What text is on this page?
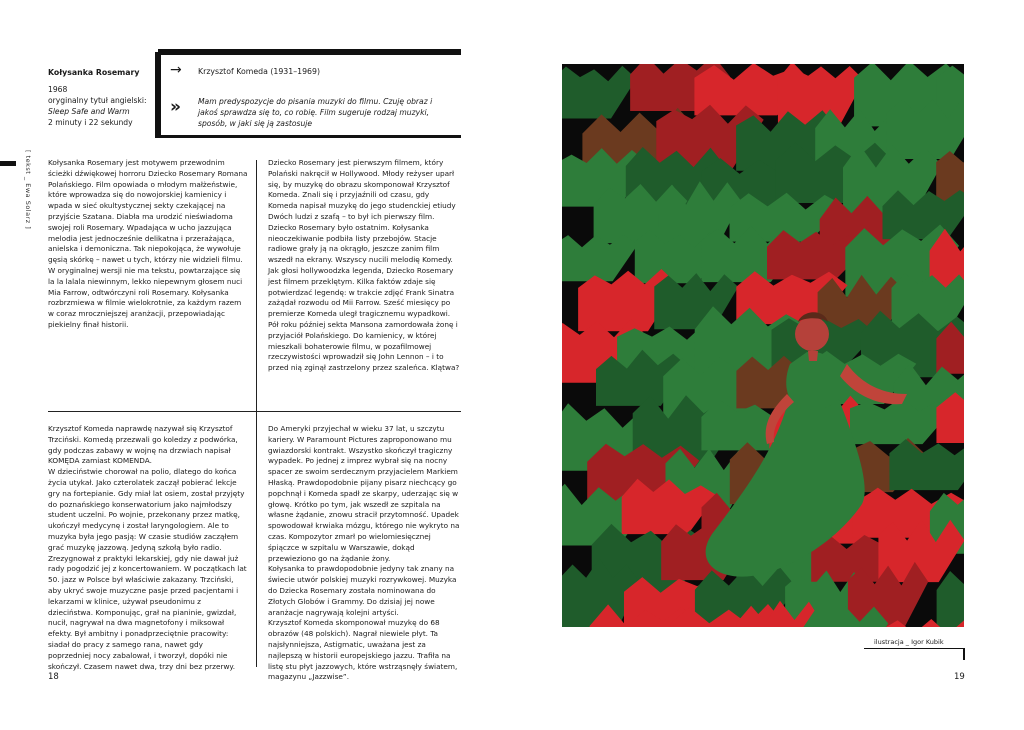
[ tekst _ Ewa Solarz ]
Kołysanka Rosemary
1968
oryginalny tytuł angielski:
Sleep Safe and Warm
2 minuty i 22 sekundy
→ Krzysztof Komeda (1931–1969)
» Mam predyspozycje do pisania muzyki do filmu. Czuję obraz i jakoś sprawdza się to, co robię. Film sugeruje rodzaj muzyki, sposób, w jaki się ją zastosuje

Kołysanka Rosemary jest motywem przewodnim ścieżki dźwiękowej horroru Dziecko Rosemary Romana Polańskiego. Film opowiada o młodym małżeństwie, które wprowadza się do nowojorskiej kamienicy i wpada w sieć okultystycznej sekty czekającej na przyjście Szatana. Diabła ma urodzić nieświadoma swojej roli Rosemary. Wpadająca w ucho jazzująca melodia jest jednocześnie delikatna i przerażająca, anielska i demoniczna. Tak niepokojąca, że wywołuje gęsią skórkę – nawet u tych, którzy nie widzieli filmu. W oryginalnej wersji nie ma tekstu, powtarzające się la la lalala niewinnym, lekko niepewnym głosem nuci Mia Farrow, odtwórczyni roli Rosemary. Kołysanka rozbrzmiewa w filmie wielokrotnie, za każdym razem w coraz mroczniejszej aranżacji, przepowiadając piekielny finał historii.

Dziecko Rosemary jest pierwszym filmem, który Polański nakręcił w Hollywood. Młody reżyser uparł się, by muzykę do obrazu skomponował Krzysztof Komeda. Znali się i przyjaźnili od czasu, gdy Komeda napisał muzykę do jego studenckiej etiudy Dwóch ludzi z szafą – to był ich pierwszy film. Dziecko Rosemary było ostatnim. Kołysanka nieoczekiwanie podbiła listy przebojów. Stacje radiowe grały ją na okrągło, jeszcze zanim film wszedł na ekrany. Wszyscy nucili melodię Komedy. Jak głosi hollywoodzka legenda, Dziecko Rosemary jest filmem przeklętym. Kilka faktów zdaje się potwierdzać legendę: w trakcie zdjęć Frank Sinatra zażądał rozwodu od Mii Farrow. Sześć miesięcy po premierze Komeda uległ tragicznemu wypadkowi. Pół roku później sekta Mansona zamordowała żonę i przyjaciół Polańskiego. Do kamienicy, w której mieszkali bohaterowie filmu, w pozafilmowej rzeczywistości wprowadził się John Lennon – i to przed nią zginął zastrzelony przez szaleńca. Klątwa?

Krzysztof Komeda naprawdę nazywał się Krzysztof Trzciński. Komedą przezwali go koledzy z podwórka, gdy podczas zabawy w wojnę na drzwiach napisał KOMĘDA zamiast KOMENDA.

W dzieciństwie chorował na polio, dlatego do końca życia utykał. Jako czterolatek zaczął pobierać lekcje gry na fortepianie. Gdy miał lat osiem, został przyjęty do poznańskiego konserwatorium jako najmłodszy student uczelni. Po wojnie, przekonany przez matkę, ukończył medycynę i został laryngologiem. Ale to muzyka była jego pasją: W czasie studiów zacząłem grać muzykę jazzową. Jedyną szkołą było radio. Zrezygnował z praktyki lekarskiej, gdy nie dawał już rady pogodzić jej z koncertowaniem. W początkach lat 50. jazz w Polsce był właściwie zakazany. Trzciński, aby ukryć swoje muzyczne pasje przed pacjentami i lekarzami w klinice, używał pseudonimu z dzieciństwa. Komponując, grał na pianinie, gwizdał, nucił, nagrywał na dwa magnetofony i miksował efekty. Był ambitny i ponadprzeciętnie pracowity: siadał do pracy z samego rana, nawet gdy poprzedniej nocy zabalował, i tworzył, dopóki nie skończył. Czasem nawet dwa, trzy dni bez przerwy.

Do Ameryki przyjechał w wieku 37 lat, u szczytu kariery. W Paramount Pictures zaproponowano mu gwiazdorski kontrakt. Wszystko skończył tragiczny wypadek. Po jednej z imprez wybrał się na nocny spacer ze swoim serdecznym przyjacielem Markiem Hłaską. Prawdopodobnie pijany pisarz niechcący go popchnął i Komeda spadł ze skarpy, uderzając się w głowę. Krótko po tym, jak wszedł ze szpitala na własne żądanie, znowu stracił przytomność. Upadek spowodował krwiaka mózgu, którego nie wykryto na czas. Kompozytor zmarł po wielomiesięcznej śpiączce w szpitalu w Warszawie, dokąd przewieziono go na żądanie żony.

Kołysanka to prawdopodobnie jedyny tak znany na świecie utwór polskiej muzyki rozrywkowej. Muzyka do Dziecka Rosemary została nominowana do Złotych Globów i Grammy. Do dzisiaj jej nowe aranżacje nagrywają kolejni artyści.

Krzysztof Komeda skomponował muzykę do 68 obrazów (48 polskich). Nagrał niewiele płyt. Ta najsłynniejsza, Astigmatic, uważana jest za najlepszą w historii europejskiego jazzu. Trafiła na listę stu płyt jazzowych, które wstrząsnęły światem, magazynu „Jazzwise”.

18
ilustracja _ Igor Kubik
19
